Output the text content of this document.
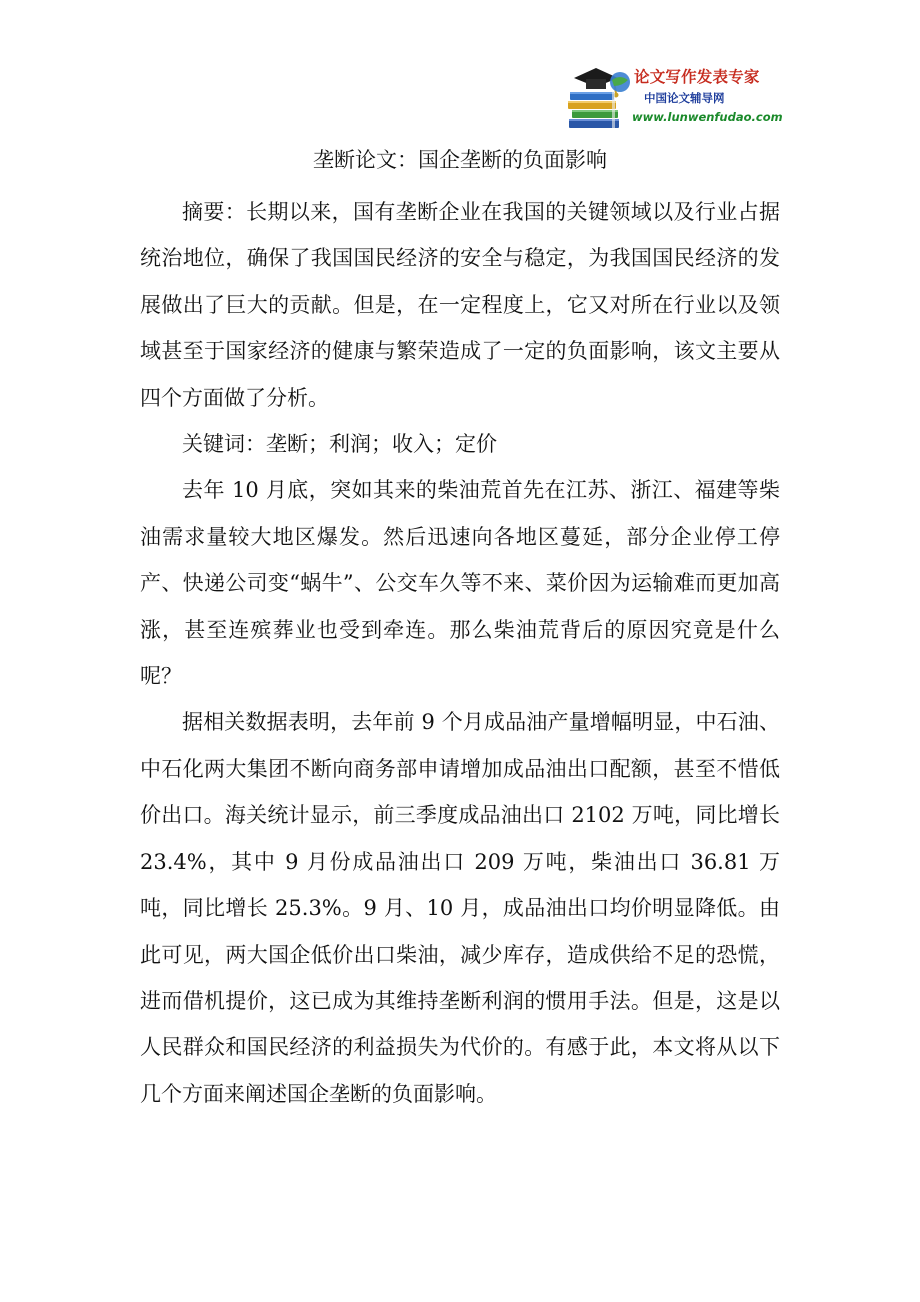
论文写作发表专家
中国论文辅导网
www.lunwenfudao.com
垄断论文：国企垄断的负面影响

摘要：长期以来，国有垄断企业在我国的关键领域以及行业占据统治地位，确保了我国国民经济的安全与稳定，为我国国民经济的发展做出了巨大的贡献。但是，在一定程度上，它又对所在行业以及领域甚至于国家经济的健康与繁荣造成了一定的负面影响，该文主要从四个方面做了分析。

关键词：垄断；利润；收入；定价

去年 10 月底，突如其来的柴油荒首先在江苏、浙江、福建等柴油需求量较大地区爆发。然后迅速向各地区蔓延，部分企业停工停产、快递公司变“蜗牛”、公交车久等不来、菜价因为运输难而更加高涨，甚至连殡葬业也受到牵连。那么柴油荒背后的原因究竟是什么呢？

据相关数据表明，去年前 9 个月成品油产量增幅明显，中石油、中石化两大集团不断向商务部申请增加成品油出口配额，甚至不惜低价出口。海关统计显示，前三季度成品油出口 2102 万吨，同比增长 23.4%，其中 9 月份成品油出口 209 万吨，柴油出口 36.81 万吨，同比增长 25.3%。9 月、10 月，成品油出口均价明显降低。由此可见，两大国企低价出口柴油，减少库存，造成供给不足的恐慌，进而借机提价，这已成为其维持垄断利润的惯用手法。但是，这是以人民群众和国民经济的利益损失为代价的。有感于此，本文将从以下几个方面来阐述国企垄断的负面影响。
